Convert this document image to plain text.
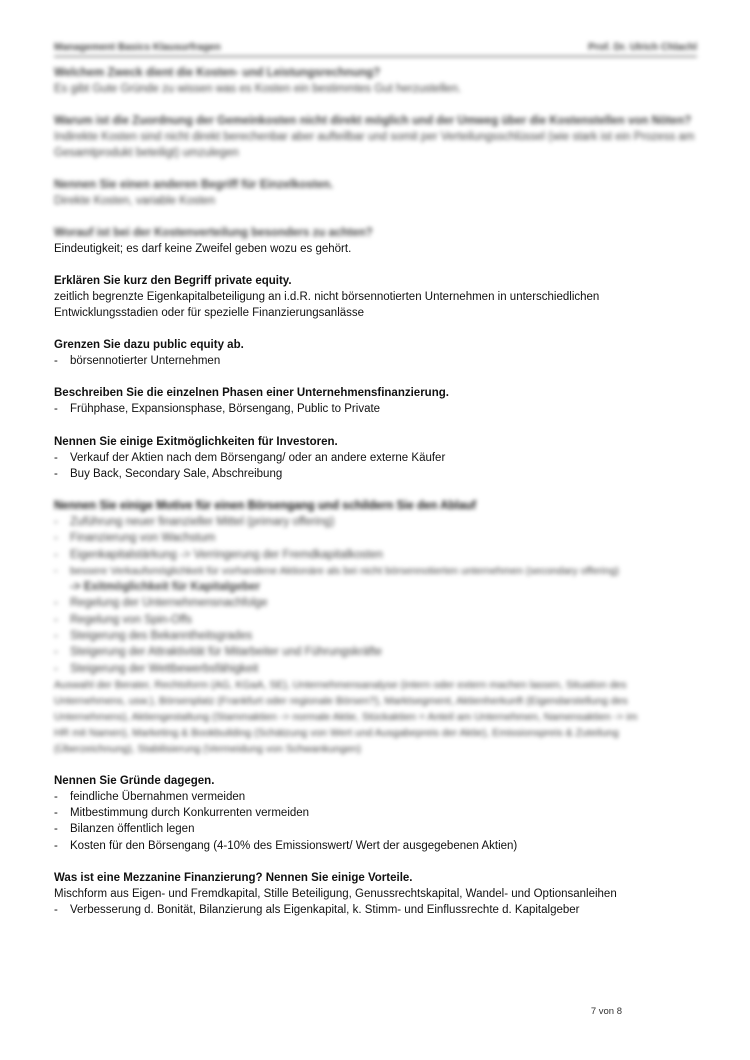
Management Basics Klausurfragen	Prof. Dr. Ulrich Chlachl

Welchem Zweck dient die Kosten- und Leistungsrechnung?

Es gibt Gute Gründe zu wissen was es Kosten ein bestimmtes Gut herzustellen.

Warum ist die Zuordnung der Gemeinkosten nicht direkt möglich und der Umweg über die Kostenstellen von Nöten?

Indirekte Kosten sind nicht direkt berechenbar aber aufteilbar und somit per Verteilungsschlüssel (wie stark ist ein Prozess am

Gesamtprodukt beteiligt) umzulegen

Nennen Sie einen anderen Begriff für Einzelkosten.

Direkte Kosten, variable Kosten

Worauf ist bei der Kostenverteilung besonders zu achten?

Eindeutigkeit; es darf keine Zweifel geben wozu es gehört.

Erklären Sie kurz den Begriff private equity.

zeitlich begrenzte Eigenkapitalbeteiligung an i.d.R. nicht börsennotierten Unternehmen in unterschiedlichen

Entwicklungsstadien oder für spezielle Finanzierungsanlässe

Grenzen Sie dazu public equity ab.

- börsennotierter Unternehmen

Beschreiben Sie die einzelnen Phasen einer Unternehmensfinanzierung.

- Frühphase, Expansionsphase, Börsengang, Public to Private

Nennen Sie einige Exitmöglichkeiten für Investoren.

- Verkauf der Aktien nach dem Börsengang/ oder an andere externe Käufer
- Buy Back, Secondary Sale, Abschreibung

Nennen Sie einige Motive für einen Börsengang und schildern Sie den Ablauf

- Zuführung neuer finanzieller Mittel (primary offering)
- Finanzierung von Wachstum
- Eigenkapitalstärkung -> Verringerung der Fremdkapitalkosten
- bessere Verkaufsmöglichkeit für vorhandene Aktionäre als bei nicht börsennotierten unternehmen (secondary offering)

-> Exitmöglichkeit für Kapitalgeber

- Regelung der Unternehmensnachfolge
- Regelung von Spin-Offs
- Steigerung des Bekanntheitsgrades
- Steigerung der Attraktivität für Mitarbeiter und Führungskräfte
- Steigerung der Wettbewerbsfähigkeit

Auswahl der Berater, Rechtsform (AG, KGaA, SE), Unternehmensanalyse (intern oder extern machen lassen, Situation des

Unternehmens, usw.), Börsenplatz (Frankfurt oder regionale Börsen?), Marktsegment, Aktienherkunft (Eigendarstellung des

Unternehmens), Aktiengestaltung (Stammaktien -> normale Aktie, Stückaktien = Anteil am Unternehmen, Namensaktien -> im

HR mit Namen), Marketing & Bookbuilding (Schätzung von Wert und Ausgabepreis der Aktie), Emissionspreis & Zuteilung

(Überzeichnung), Stabilisierung (Vermeidung von Schwankungen)

Nennen Sie Gründe dagegen.

- feindliche Übernahmen vermeiden
- Mitbestimmung durch Konkurrenten vermeiden
- Bilanzen öffentlich legen
- Kosten für den Börsengang (4-10% des Emissionswert/ Wert der ausgegebenen Aktien)

Was ist eine Mezzanine Finanzierung? Nennen Sie einige Vorteile.

Mischform aus Eigen- und Fremdkapital, Stille Beteiligung, Genussrechtskapital, Wandel- und Optionsanleihen

- Verbesserung d. Bonität, Bilanzierung als Eigenkapital, k. Stimm- und Einflussrechte d. Kapitalgeber
7 von 8
